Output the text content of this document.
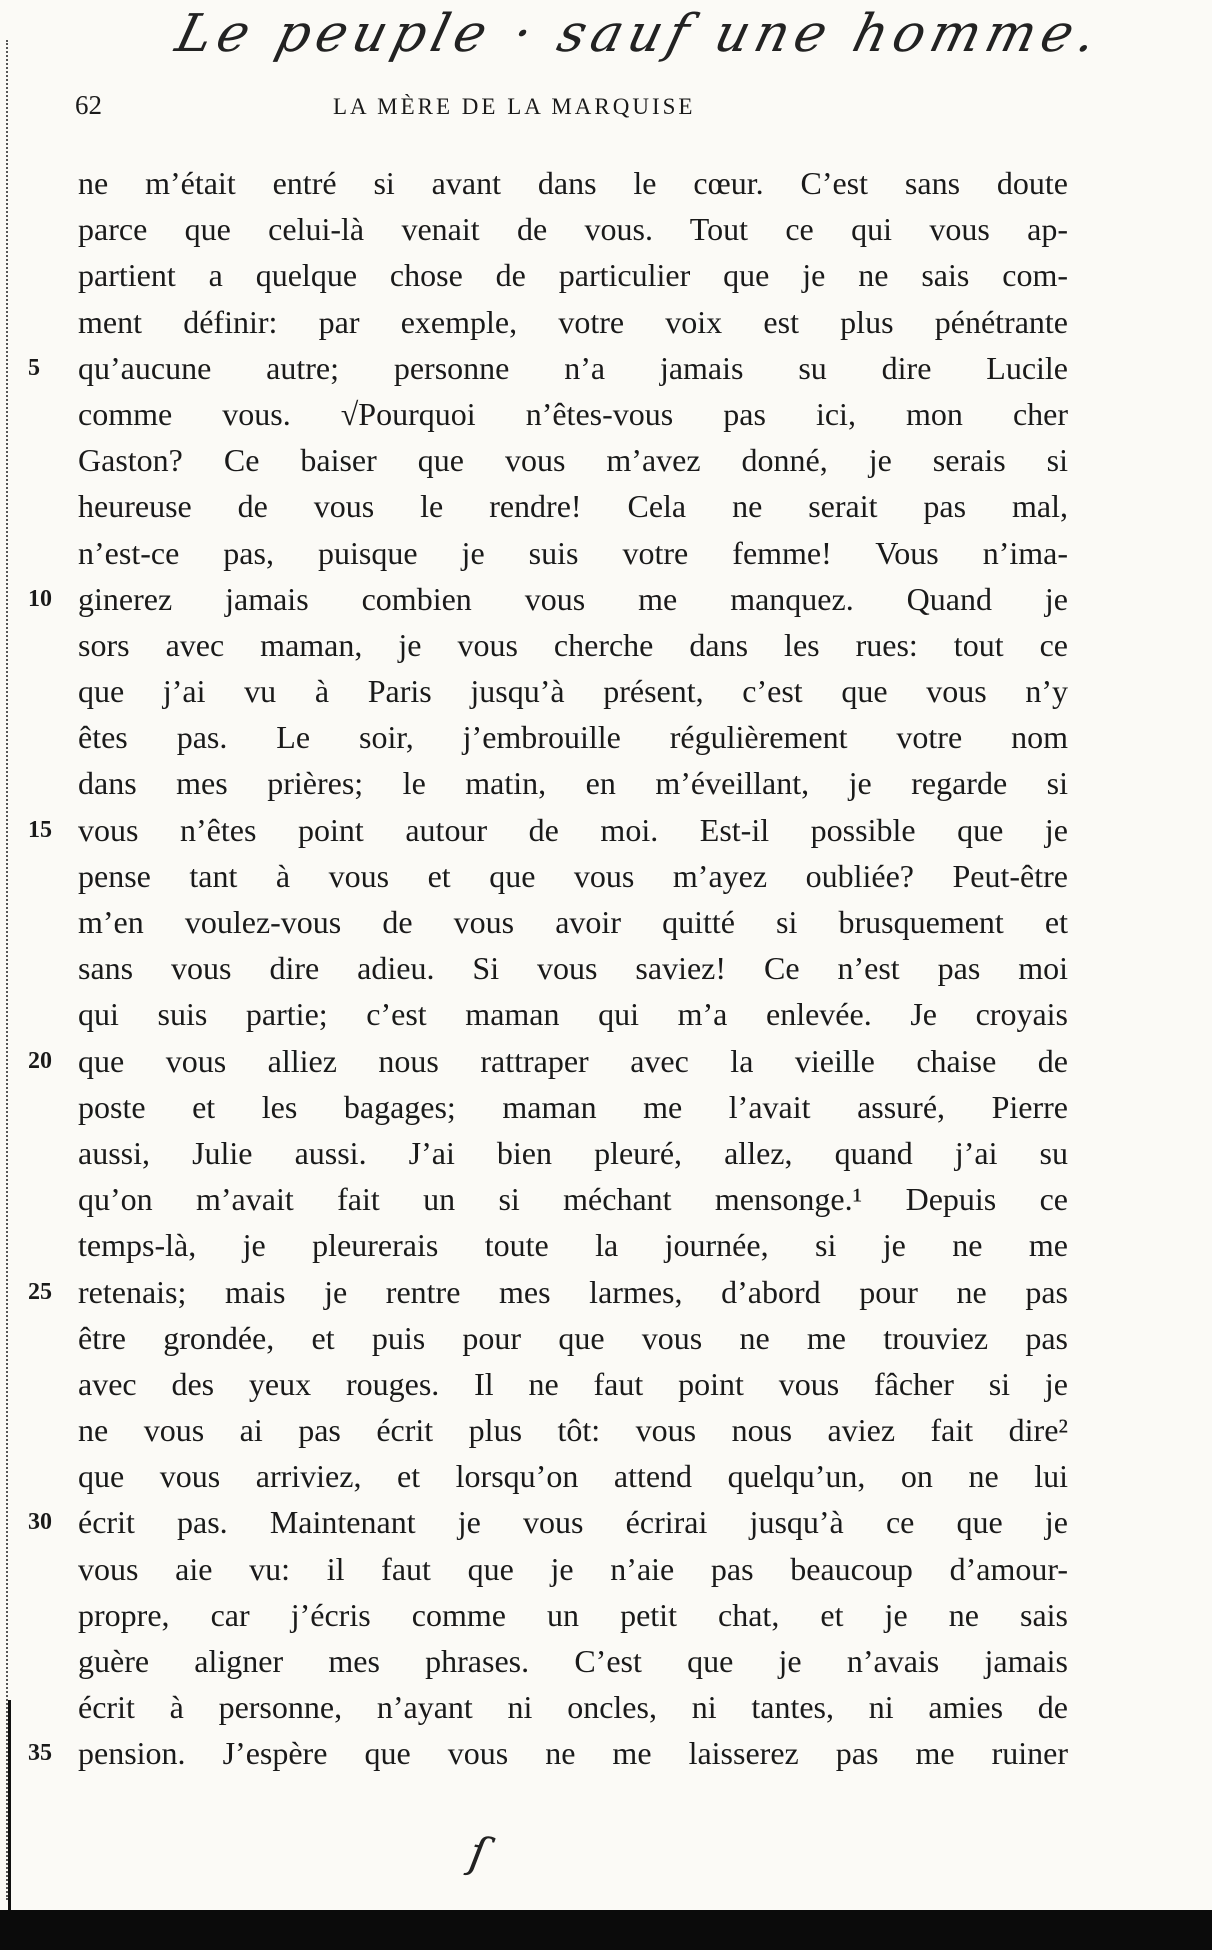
Le peuple · sauf une homme.
62	LA MÈRE DE LA MARQUISE
ne m’était entré si avant dans le cœur. C’est sans doute
parce que celui-là venait de vous. Tout ce qui vous ap-
partient a quelque chose de particulier que je ne sais com-
ment définir: par exemple, votre voix est plus pénétrante
5	qu’aucune autre; personne n’a jamais su dire Lucile
comme vous. √Pourquoi n’êtes-vous pas ici, mon cher
Gaston? Ce baiser que vous m’avez donné, je serais si
heureuse de vous le rendre! Cela ne serait pas mal,
n’est-ce pas, puisque je suis votre femme! Vous n’ima-
10 ginerez jamais combien vous me manquez. Quand je
sors avec maman, je vous cherche dans les rues: tout ce
que j’ai vu à Paris jusqu’à présent, c’est que vous n’y
êtes pas. Le soir, j’embrouille régulièrement votre nom
dans mes prières; le matin, en m’éveillant, je regarde si
15 vous n’êtes point autour de moi. Est-il possible que je
pense tant à vous et que vous m’ayez oubliée? Peut-être
m’en voulez-vous de vous avoir quitté si brusquement et
sans vous dire adieu. Si vous saviez! Ce n’est pas moi
qui suis partie; c’est maman qui m’a enlevée. Je croyais
20 que vous alliez nous rattraper avec la vieille chaise de
poste et les bagages; maman me l’avait assuré, Pierre
aussi, Julie aussi. J’ai bien pleuré, allez, quand j’ai su
qu’on m’avait fait un si méchant mensonge.¹ Depuis ce
temps-là, je pleurerais toute la journée, si je ne me
25 retenais; mais je rentre mes larmes, d’abord pour ne pas
être grondée, et puis pour que vous ne me trouviez pas
avec des yeux rouges. Il ne faut point vous fâcher si je
ne vous ai pas écrit plus tôt: vous nous aviez fait dire²
que vous arriviez, et lorsqu’on attend quelqu’un, on ne lui
30 écrit pas. Maintenant je vous écrirai jusqu’à ce que je
vous aie vu: il faut que je n’aie pas beaucoup d’amour-
propre, car j’écris comme un petit chat, et je ne sais
guère aligner mes phrases. C’est que je n’avais jamais
écrit à personne, n’ayant ni oncles, ni tantes, ni amies de
35 pension. J’espère que vous ne me laisserez pas me ruiner
ſ
